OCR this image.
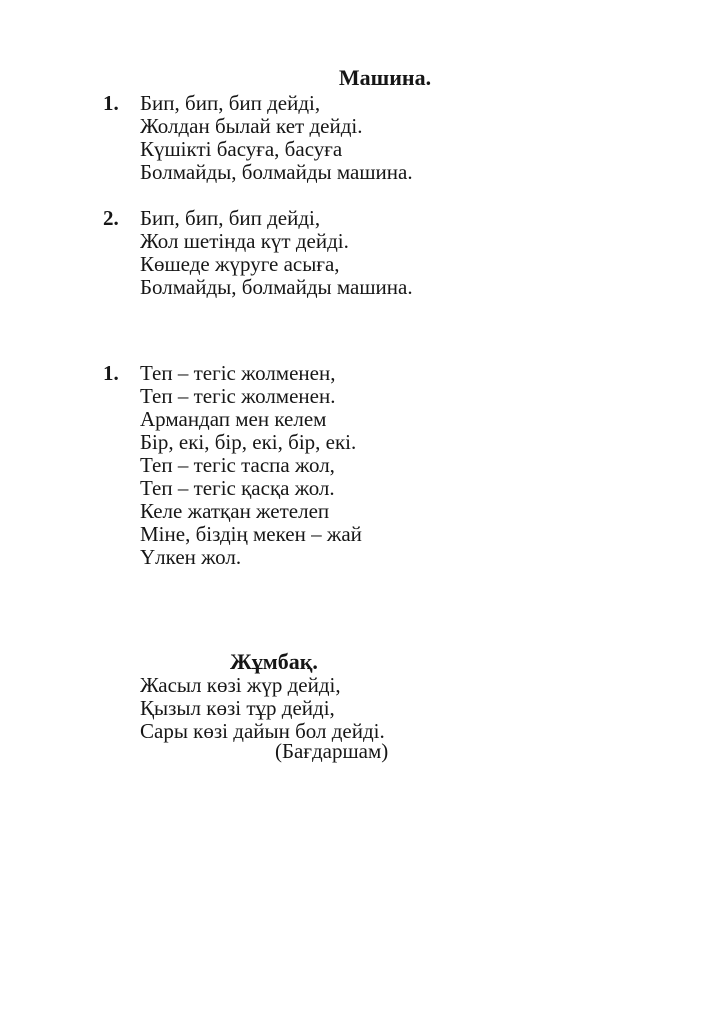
Машина.
1.	Бип, бип, бип дейді,
Жолдан былай кет дейді.
Күшікті басуға, басуға
Болмайды, болмайды машина.
2.	Бип, бип, бип дейді,
Жол шетінда күт дейді.
Көшеде жүруге асыға,
Болмайды, болмайды машина.
1.	Теп – тегіс жолменен,
Теп – тегіс жолменен.
Армандап мен келем
Бір, екі, бір, екі, бір, екі.
Теп – тегіс таспа жол,
Теп – тегіс қасқа жол.
Келе жатқан жетелеп
Міне, біздің мекен – жай
Үлкен жол.
Жұмбақ.
Жасыл көзі жүр дейді,
Қызыл көзі тұр дейді,
Сары көзі дайын бол дейді.
(Бағдаршам)
